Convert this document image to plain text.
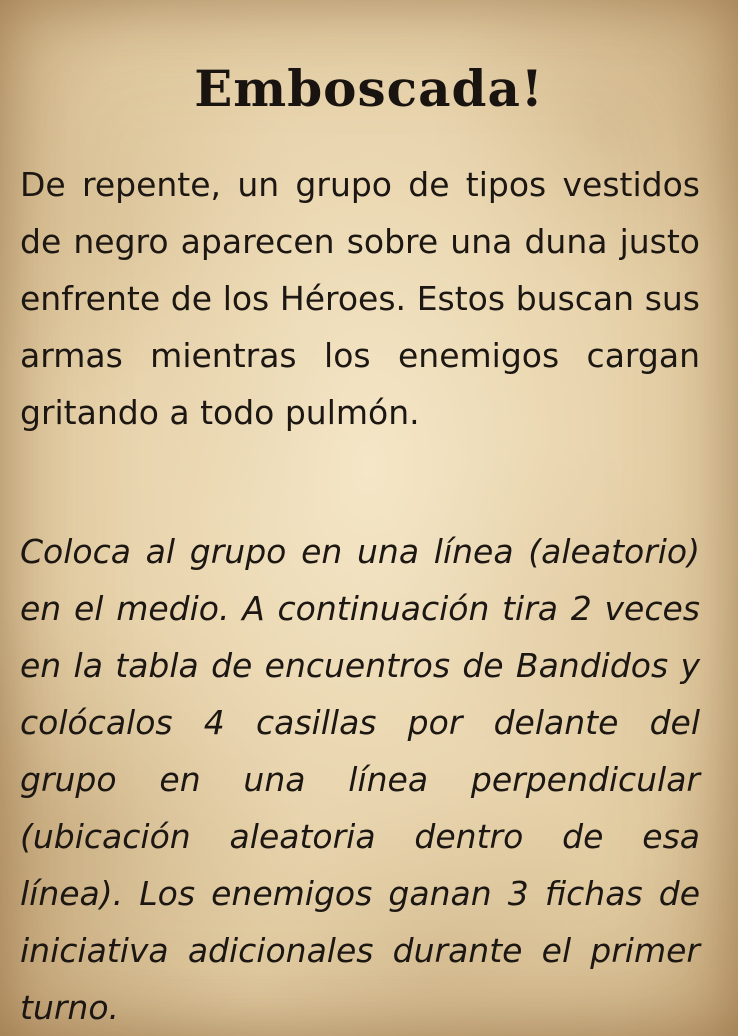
Emboscada!

De repente, un grupo de tipos vestidos de negro aparecen sobre una duna justo enfrente de los Héroes. Estos buscan sus armas mientras los enemigos cargan gritando a todo pulmón.

Coloca al grupo en una línea (aleatorio) en el medio. A continuación tira 2 veces en la tabla de encuentros de Bandidos y colócalos 4 casillas por delante del grupo en una línea perpendicular (ubicación aleatoria dentro de esa línea). Los enemigos ganan 3 fichas de iniciativa adicionales durante el primer turno.
